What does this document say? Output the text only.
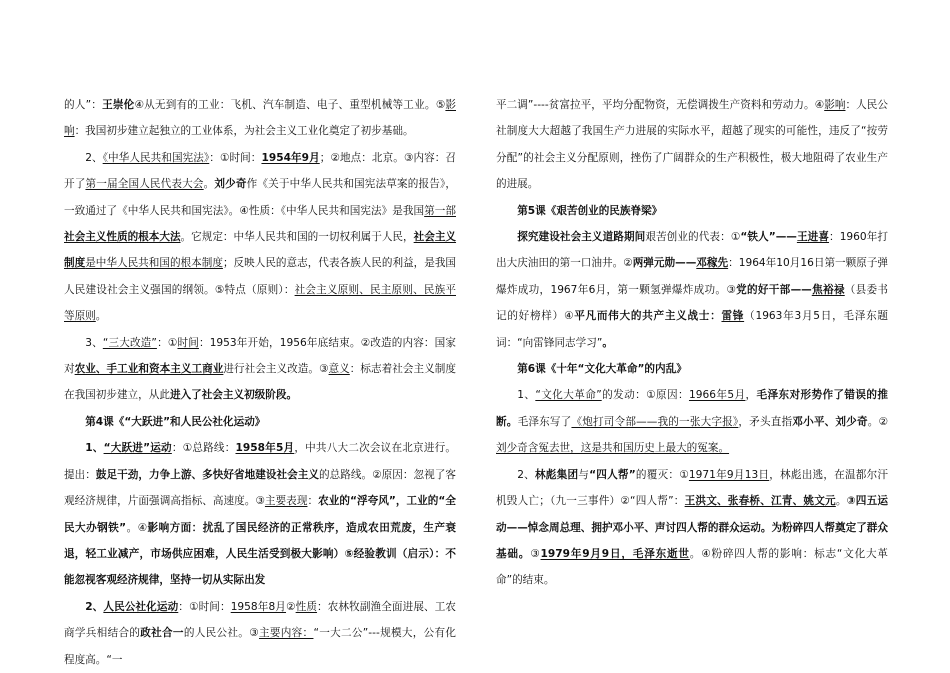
的人”：王崇伦④从无到有的工业：飞机、汽车制造、电子、重型机械等工业。⑤影响：我国初步建立起独立的工业体系，为社会主义工业化奠定了初步基础。

2、《中华人民共和国宪法》：①时间：1954年9月；②地点：北京。③内容：召开了第一届全国人民代表大会。刘少奇作《关于中华人民共和国宪法草案的报告》，一致通过了《中华人民共和国宪法》。④性质：《中华人民共和国宪法》是我国第一部社会主义性质的根本大法。它规定：中华人民共和国的一切权利属于人民，社会主义制度是中华人民共和国的根本制度；反映人民的意志，代表各族人民的利益，是我国人民建设社会主义强国的纲领。⑤特点（原则）：社会主义原则、民主原则、民族平等原则。

3、“三大改造”：①时间：1953年开始，1956年底结束。②改造的内容：国家对农业、手工业和资本主义工商业进行社会主义改造。③意义：标志着社会主义制度在我国初步建立，从此进入了社会主义初级阶段。

第4课《“大跃进”和人民公社化运动》

1、“大跃进”运动：①总路线：1958年5月，中共八大二次会议在北京进行。提出：鼓足干劲，力争上游、多快好省地建设社会主义的总路线。②原因：忽视了客观经济规律，片面强调高指标、高速度。③主要表现：农业的“浮夸风”，工业的“全民大办钢铁”。④影响方面：扰乱了国民经济的正常秩序，造成农田荒废，生产衰退，轻工业减产，市场供应困难，人民生活受到极大影响）⑤经验教训（启示）：不能忽视客观经济规律，坚持一切从实际出发

2、人民公社化运动：①时间：1958年8月②性质：农林牧副渔全面进展、工农商学兵相结合的政社合一的人民公社。③主要内容：“一大二公”---规模大，公有化程度高。“一

平二调”----贫富拉平，平均分配物资，无偿调拨生产资料和劳动力。④影响：人民公社制度大大超越了我国生产力进展的实际水平，超越了现实的可能性，违反了“按劳分配”的社会主义分配原则，挫伤了广阔群众的生产积极性，极大地阻碍了农业生产的进展。

第5课《艰苦创业的民族脊梁》

探究建设社会主义道路期间艰苦创业的代表：①“铁人”——王进喜：1960年打出大庆油田的第一口油井。②两弹元勋——邓稼先：1964年10月16日第一颗原子弹爆炸成功，1967年6月，第一颗氢弹爆炸成功。③党的好干部——焦裕禄（县委书记的好榜样）④平凡而伟大的共产主义战士：雷锋（1963年3月5日，毛泽东题词：“向雷锋同志学习”。

第6课《十年“文化大革命”的内乱》

1、“文化大革命”的发动：①原因：1966年5月，毛泽东对形势作了错误的推断。毛泽东写了《炮打司令部——我的一张大字报》，矛头直指邓小平、刘少奇。②刘少奇含冤去世，这是共和国历史上最大的冤案。

2、林彪集团与“四人帮”的覆灭：①1971年9月13日，林彪出逃，在温都尔汗机毁人亡；（九一三事件）②“四人帮”：王洪文、张春桥、江青、姚文元。③四五运动——悼念周总理、拥护邓小平、声讨四人帮的群众运动。为粉碎四人帮奠定了群众基础。③1979年9月9日，毛泽东逝世。④粉碎四人帮的影响：标志“文化大革命”的结束。
